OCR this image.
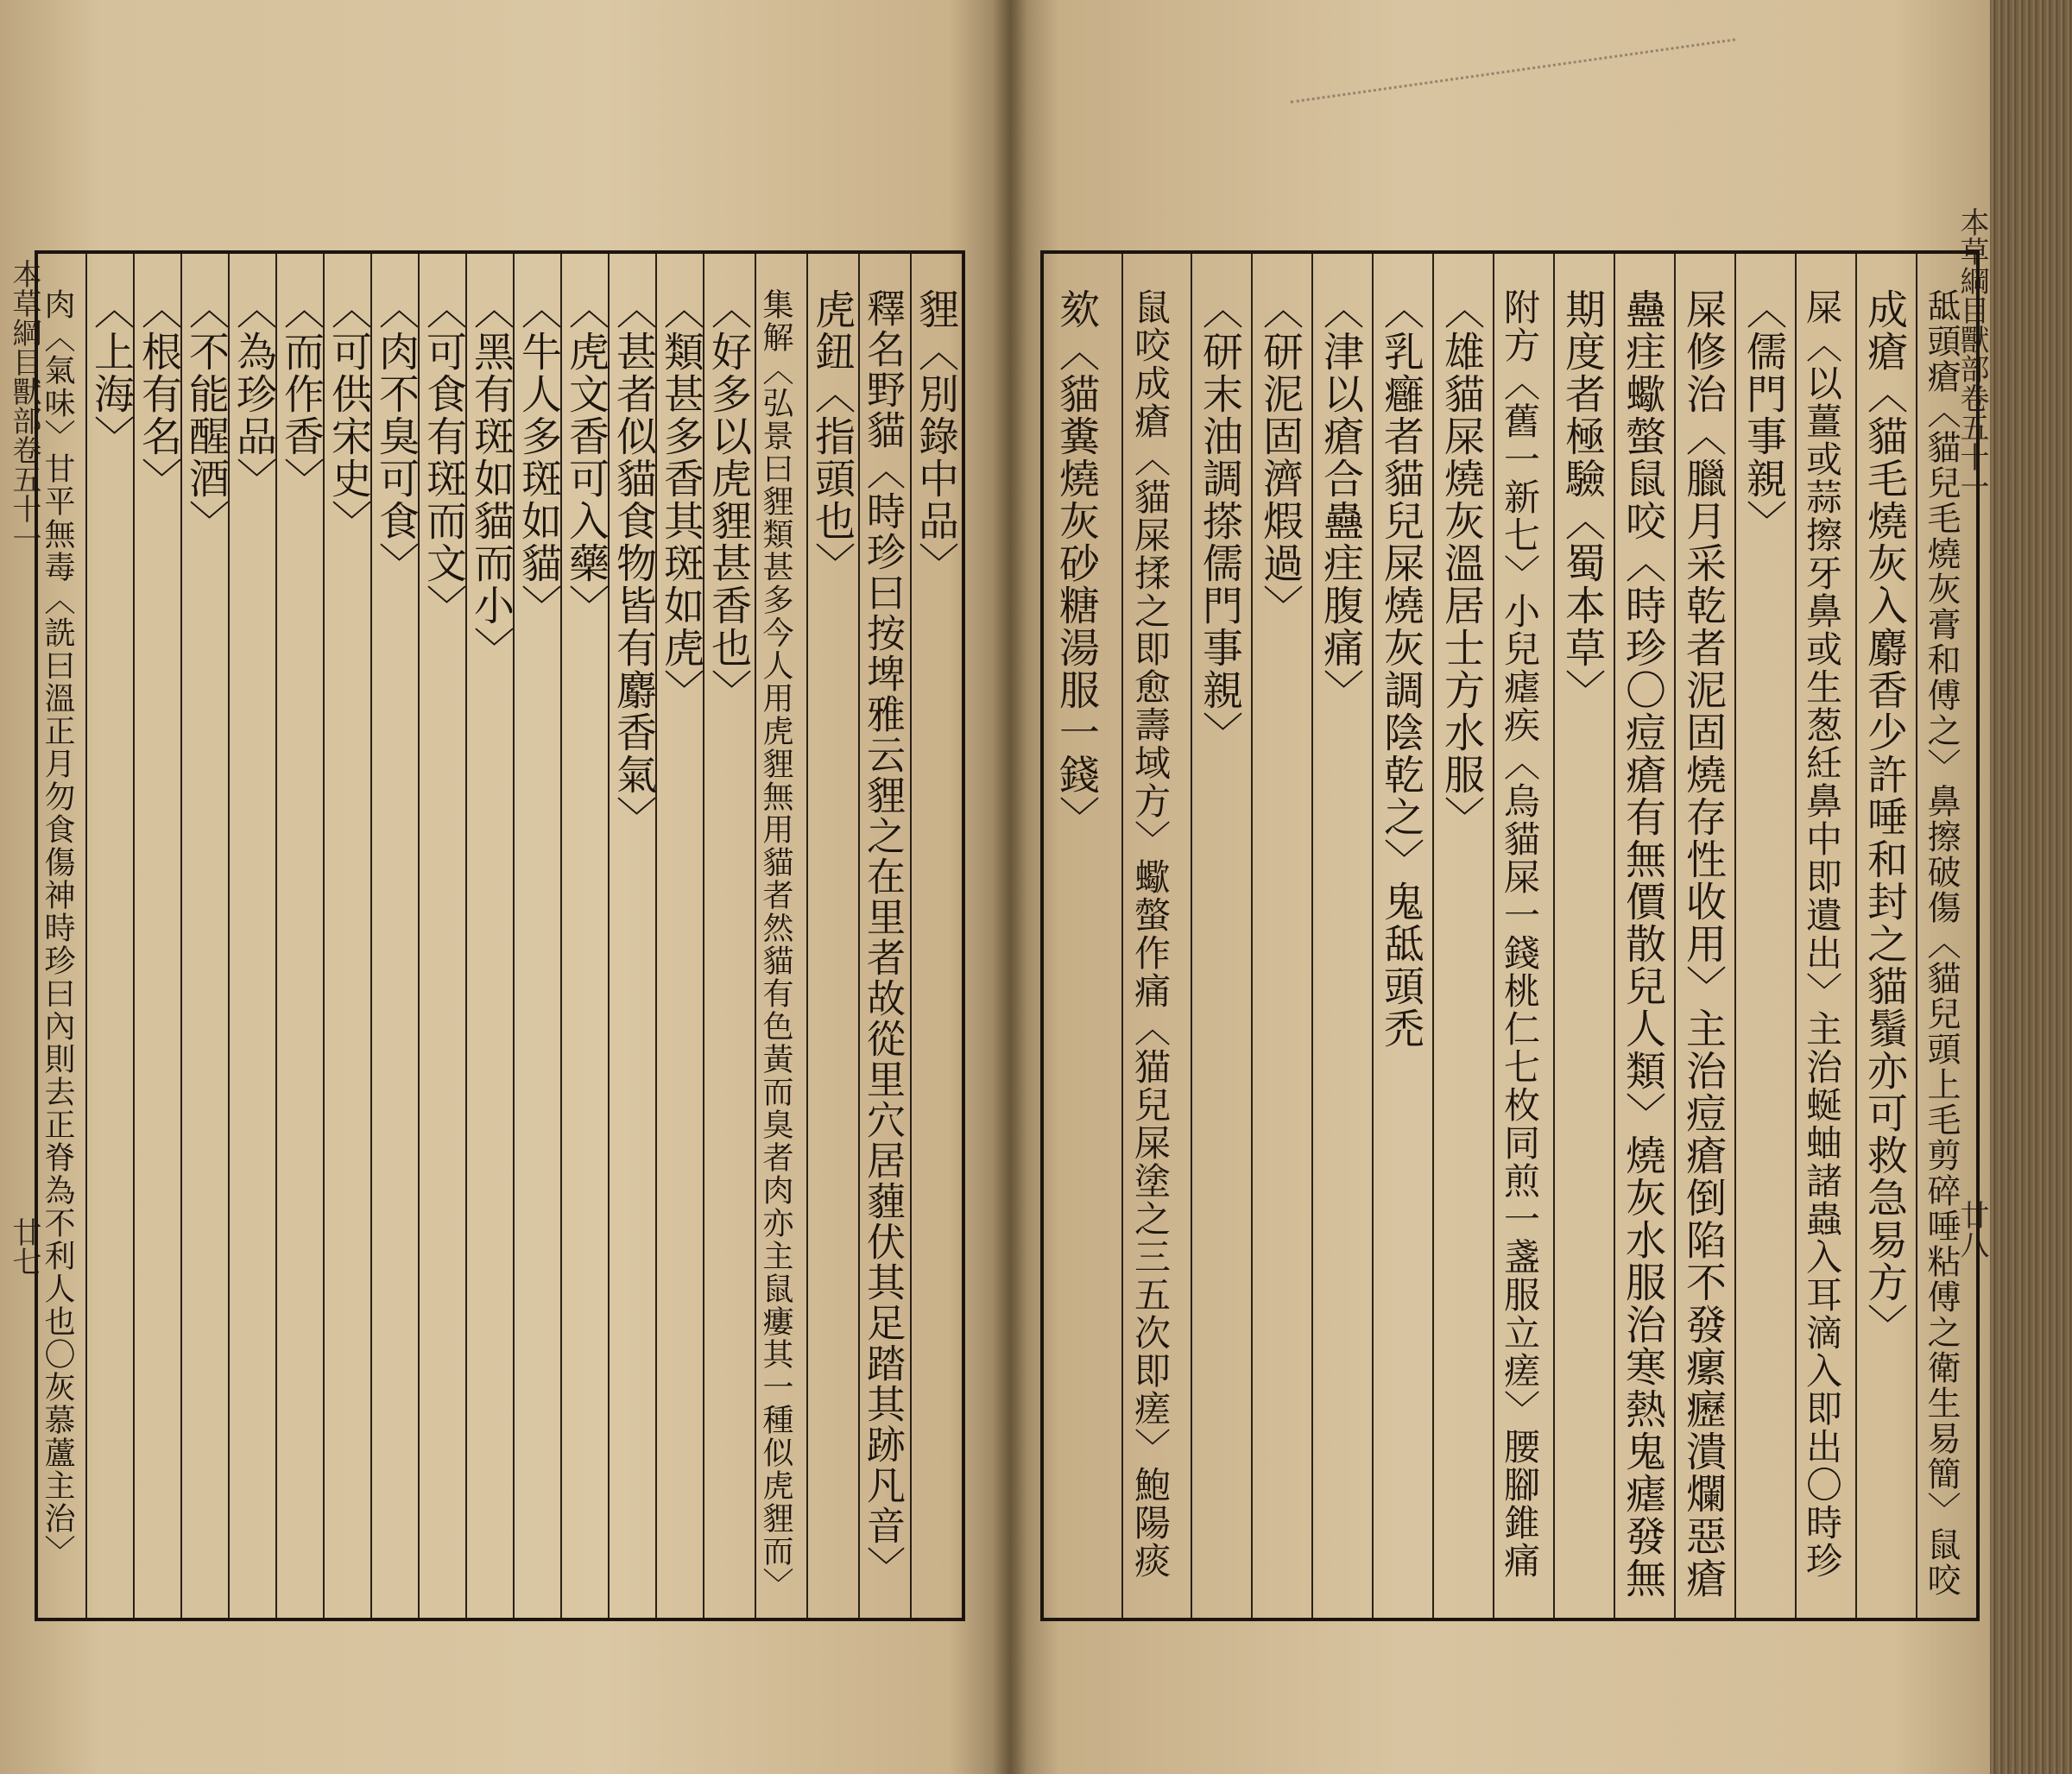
本草綱目獸部卷五十一
廿七
貍〈別錄中品〉
釋名野貓〈時珍曰按埤雅云貍之在里者故從里穴居薶伏其足踏其跡凡音〉
虎鈕〈指頭也〉
集解〈弘景曰貍類甚多今人用虎貍無用貓者然貓有色黃而臭者肉亦主鼠瘻其一種似虎貍而〉
〈好多以虎貍甚香也〉
〈類甚多香其斑如虎〉
〈甚者似貓食物皆有麝香氣〉
〈虎文香可入藥〉
〈牛人多斑如貓〉
〈黑有斑如貓而小〉
〈可食有斑而文〉
〈肉不臭可食〉
〈可供宋史〉
〈而作香〉
〈為珍品〉
〈不能醒酒〉
〈根有名〉
〈上海〉
肉〈氣味〉甘平無毒〈詵曰溫正月勿食傷神時珍曰內則去正脊為不利人也〇灰慕蘆主治〉	本草綱目獸部卷五十一
廿八
䑛頭瘡〈貓兒毛燒灰膏和傅之〉鼻擦破傷〈貓兒頭上毛剪碎唾粘傅之衛生易簡〉鼠咬
成瘡〈貓毛燒灰入麝香少許唾和封之貓鬚亦可救急易方〉
屎〈以薑或蒜擦牙鼻或生葱紝鼻中即遺出〉主治蜒蚰諸蟲入耳滴入即出〇時珍
〈儒門事親〉
屎修治〈臘月采乾者泥固燒存性收用〉主治痘瘡倒陷不發瘰癧潰爛惡瘡
蠱疰蠍螫鼠咬〈時珍〇痘瘡有無價散兒人類〉燒灰水服治寒熱鬼瘧發無
期度者極驗〈蜀本草〉
附方〈舊一新七〉小兒瘧疾〈烏貓屎一錢桃仁七枚同煎一盞服立瘥〉腰腳錐痛
〈雄貓屎燒灰溫居士方水服〉
〈乳癰者貓兒屎燒灰調陰乾之〉鬼䑛頭禿
〈津以瘡合蠱疰腹痛〉
〈研泥固濟煆過〉
〈研末油調搽儒門事親〉
鼠咬成瘡〈貓屎揉之即愈壽域方〉蠍螫作痛〈猫兒屎塗之三五次即瘥〉鮑陽痰
欬〈貓糞燒灰砂糖湯服一錢〉
